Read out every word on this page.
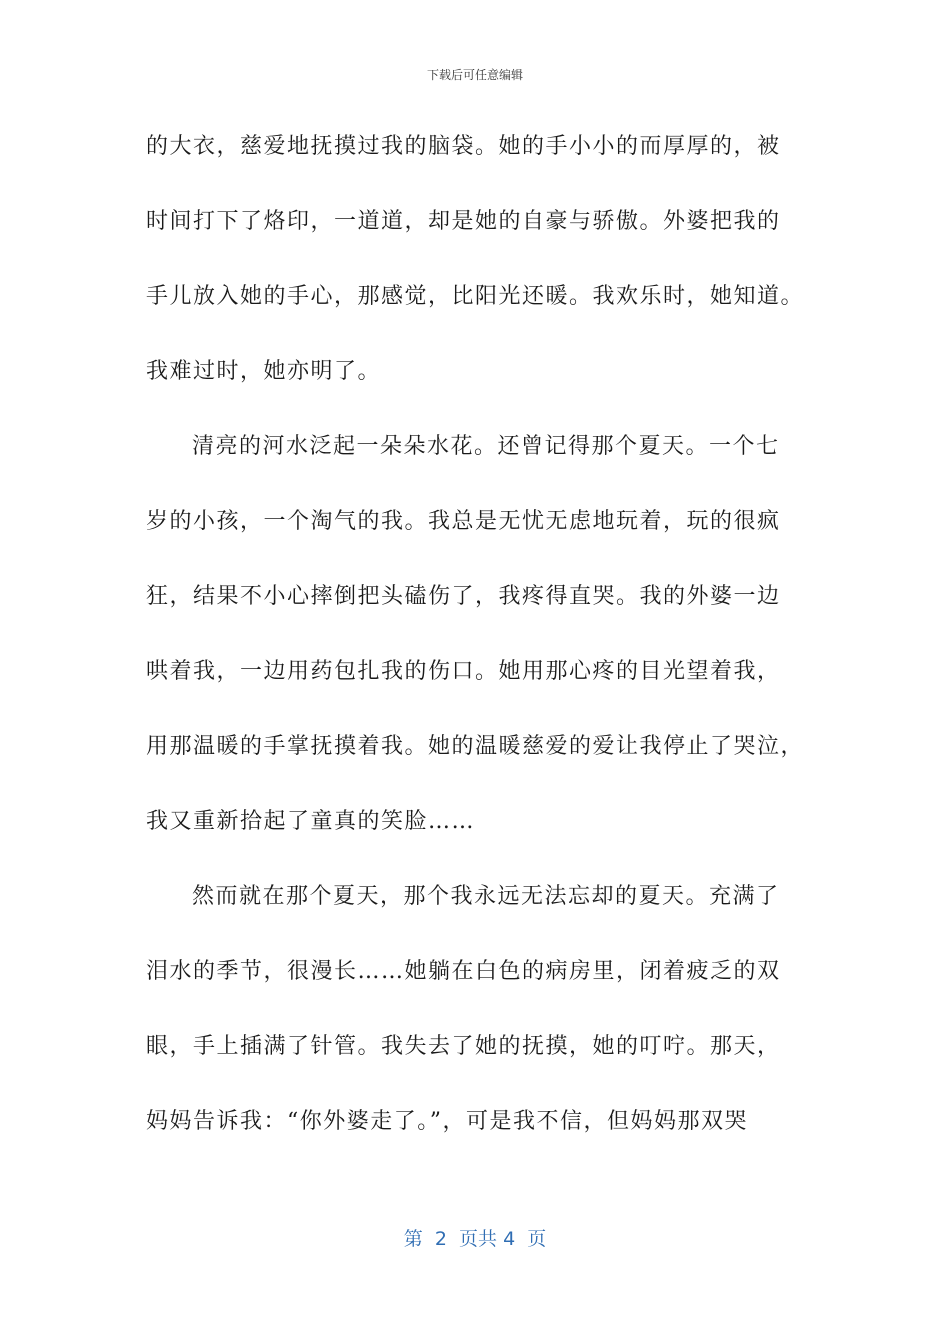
下载后可任意编辑
的大衣，慈爱地抚摸过我的脑袋。她的手小小的而厚厚的，被
时间打下了烙印，一道道，却是她的自豪与骄傲。外婆把我的
手儿放入她的手心，那感觉，比阳光还暖。我欢乐时，她知道。
我难过时，她亦明了。
清亮的河水泛起一朵朵水花。还曾记得那个夏天。一个七
岁的小孩，一个淘气的我。我总是无忧无虑地玩着，玩的很疯
狂，结果不小心摔倒把头磕伤了，我疼得直哭。我的外婆一边
哄着我，一边用药包扎我的伤口。她用那心疼的目光望着我，
用那温暖的手掌抚摸着我。她的温暖慈爱的爱让我停止了哭泣，
我又重新拾起了童真的笑脸……
然而就在那个夏天，那个我永远无法忘却的夏天。充满了
泪水的季节，很漫长……她躺在白色的病房里，闭着疲乏的双
眼，手上插满了针管。我失去了她的抚摸，她的叮咛。那天，
妈妈告诉我：“你外婆走了。”，可是我不信，但妈妈那双哭
第 2 页共 4 页
